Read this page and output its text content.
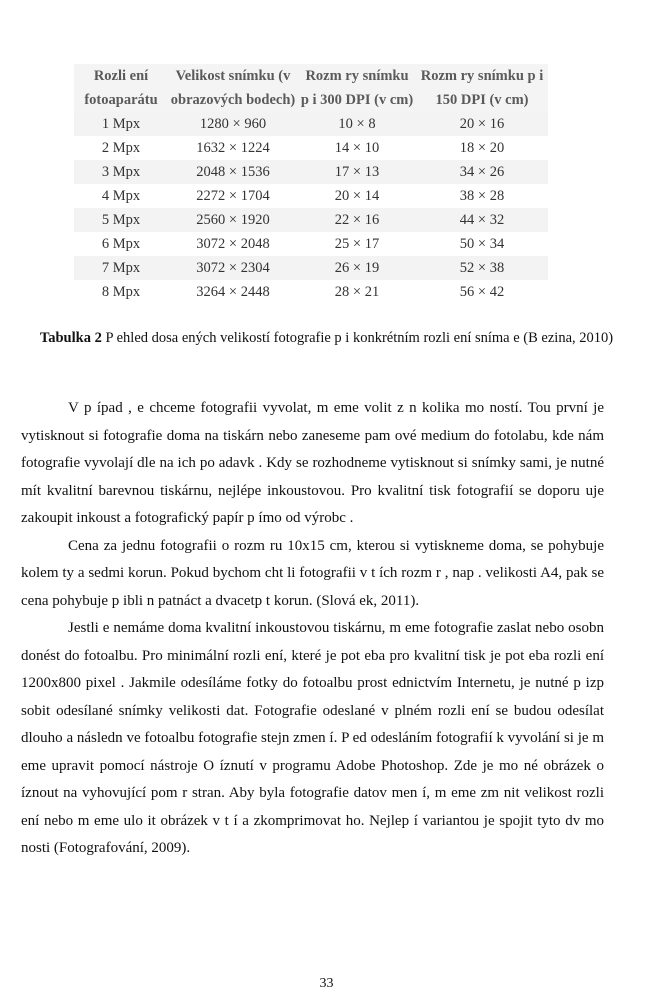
Rozli ení fotoaparátu	Velikost snímku (v obrazových bodech)	Rozm ry snímku p i 300 DPI (v cm)	Rozm ry snímku p i 150 DPI (v cm)
1 Mpx	1280 × 960	10 × 8	20 × 16
2 Mpx	1632 × 1224	14 × 10	18 × 20
3 Mpx	2048 × 1536	17 × 13	34 × 26
4 Mpx	2272 × 1704	20 × 14	38 × 28
5 Mpx	2560 × 1920	22 × 16	44 × 32
6 Mpx	3072 × 2048	25 × 17	50 × 34
7 Mpx	3072 × 2304	26 × 19	52 × 38
8 Mpx	3264 × 2448	28 × 21	56 × 42
Tabulka 2 P ehled dosa ených velikostí fotografie p i konkrétním rozli ení sníma e (B ezina, 2010)

V p ípad , e chceme fotografii vyvolat, m eme volit z n kolika mo ností. Tou první je vytisknout si fotografie doma na tiskárn nebo zaneseme pam ové medium do fotolabu, kde nám fotografie vyvolají dle na ich po adavk . Kdy se rozhodneme vytisknout si snímky sami, je nutné mít kvalitní barevnou tiskárnu, nejlépe inkoustovou. Pro kvalitní tisk fotografií se doporu uje zakoupit inkoust a fotografický papír p ímo od výrobc .

Cena za jednu fotografii o rozm ru 10x15 cm, kterou si vytiskneme doma, se pohybuje kolem ty a sedmi korun. Pokud bychom cht li fotografii v t ích rozm r , nap . velikosti A4, pak se cena pohybuje p ibli n patnáct a dvacetp t korun. (Slová ek, 2011).

Jestli e nemáme doma kvalitní inkoustovou tiskárnu, m eme fotografie zaslat nebo osobn donést do fotoalbu. Pro minimální rozli ení, které je pot eba pro kvalitní tisk je pot eba rozli ení 1200x800 pixel . Jakmile odesíláme fotky do fotoalbu prost ednictvím Internetu, je nutné p izp sobit odesílané snímky velikosti dat. Fotografie odeslané v plném rozli ení se budou odesílat dlouho a následn ve fotoalbu fotografie stejn zmen í. P ed odesláním fotografií k vyvolání si je m eme upravit pomocí nástroje O íznutí v programu Adobe Photoshop. Zde je mo né obrázek o íznout na vyhovující pom r stran. Aby byla fotografie datov men í, m eme zm nit velikost rozli ení nebo m eme ulo it obrázek v t í a zkomprimovat ho. Nejlep í variantou je spojit tyto dv mo nosti (Fotografování, 2009).

33
